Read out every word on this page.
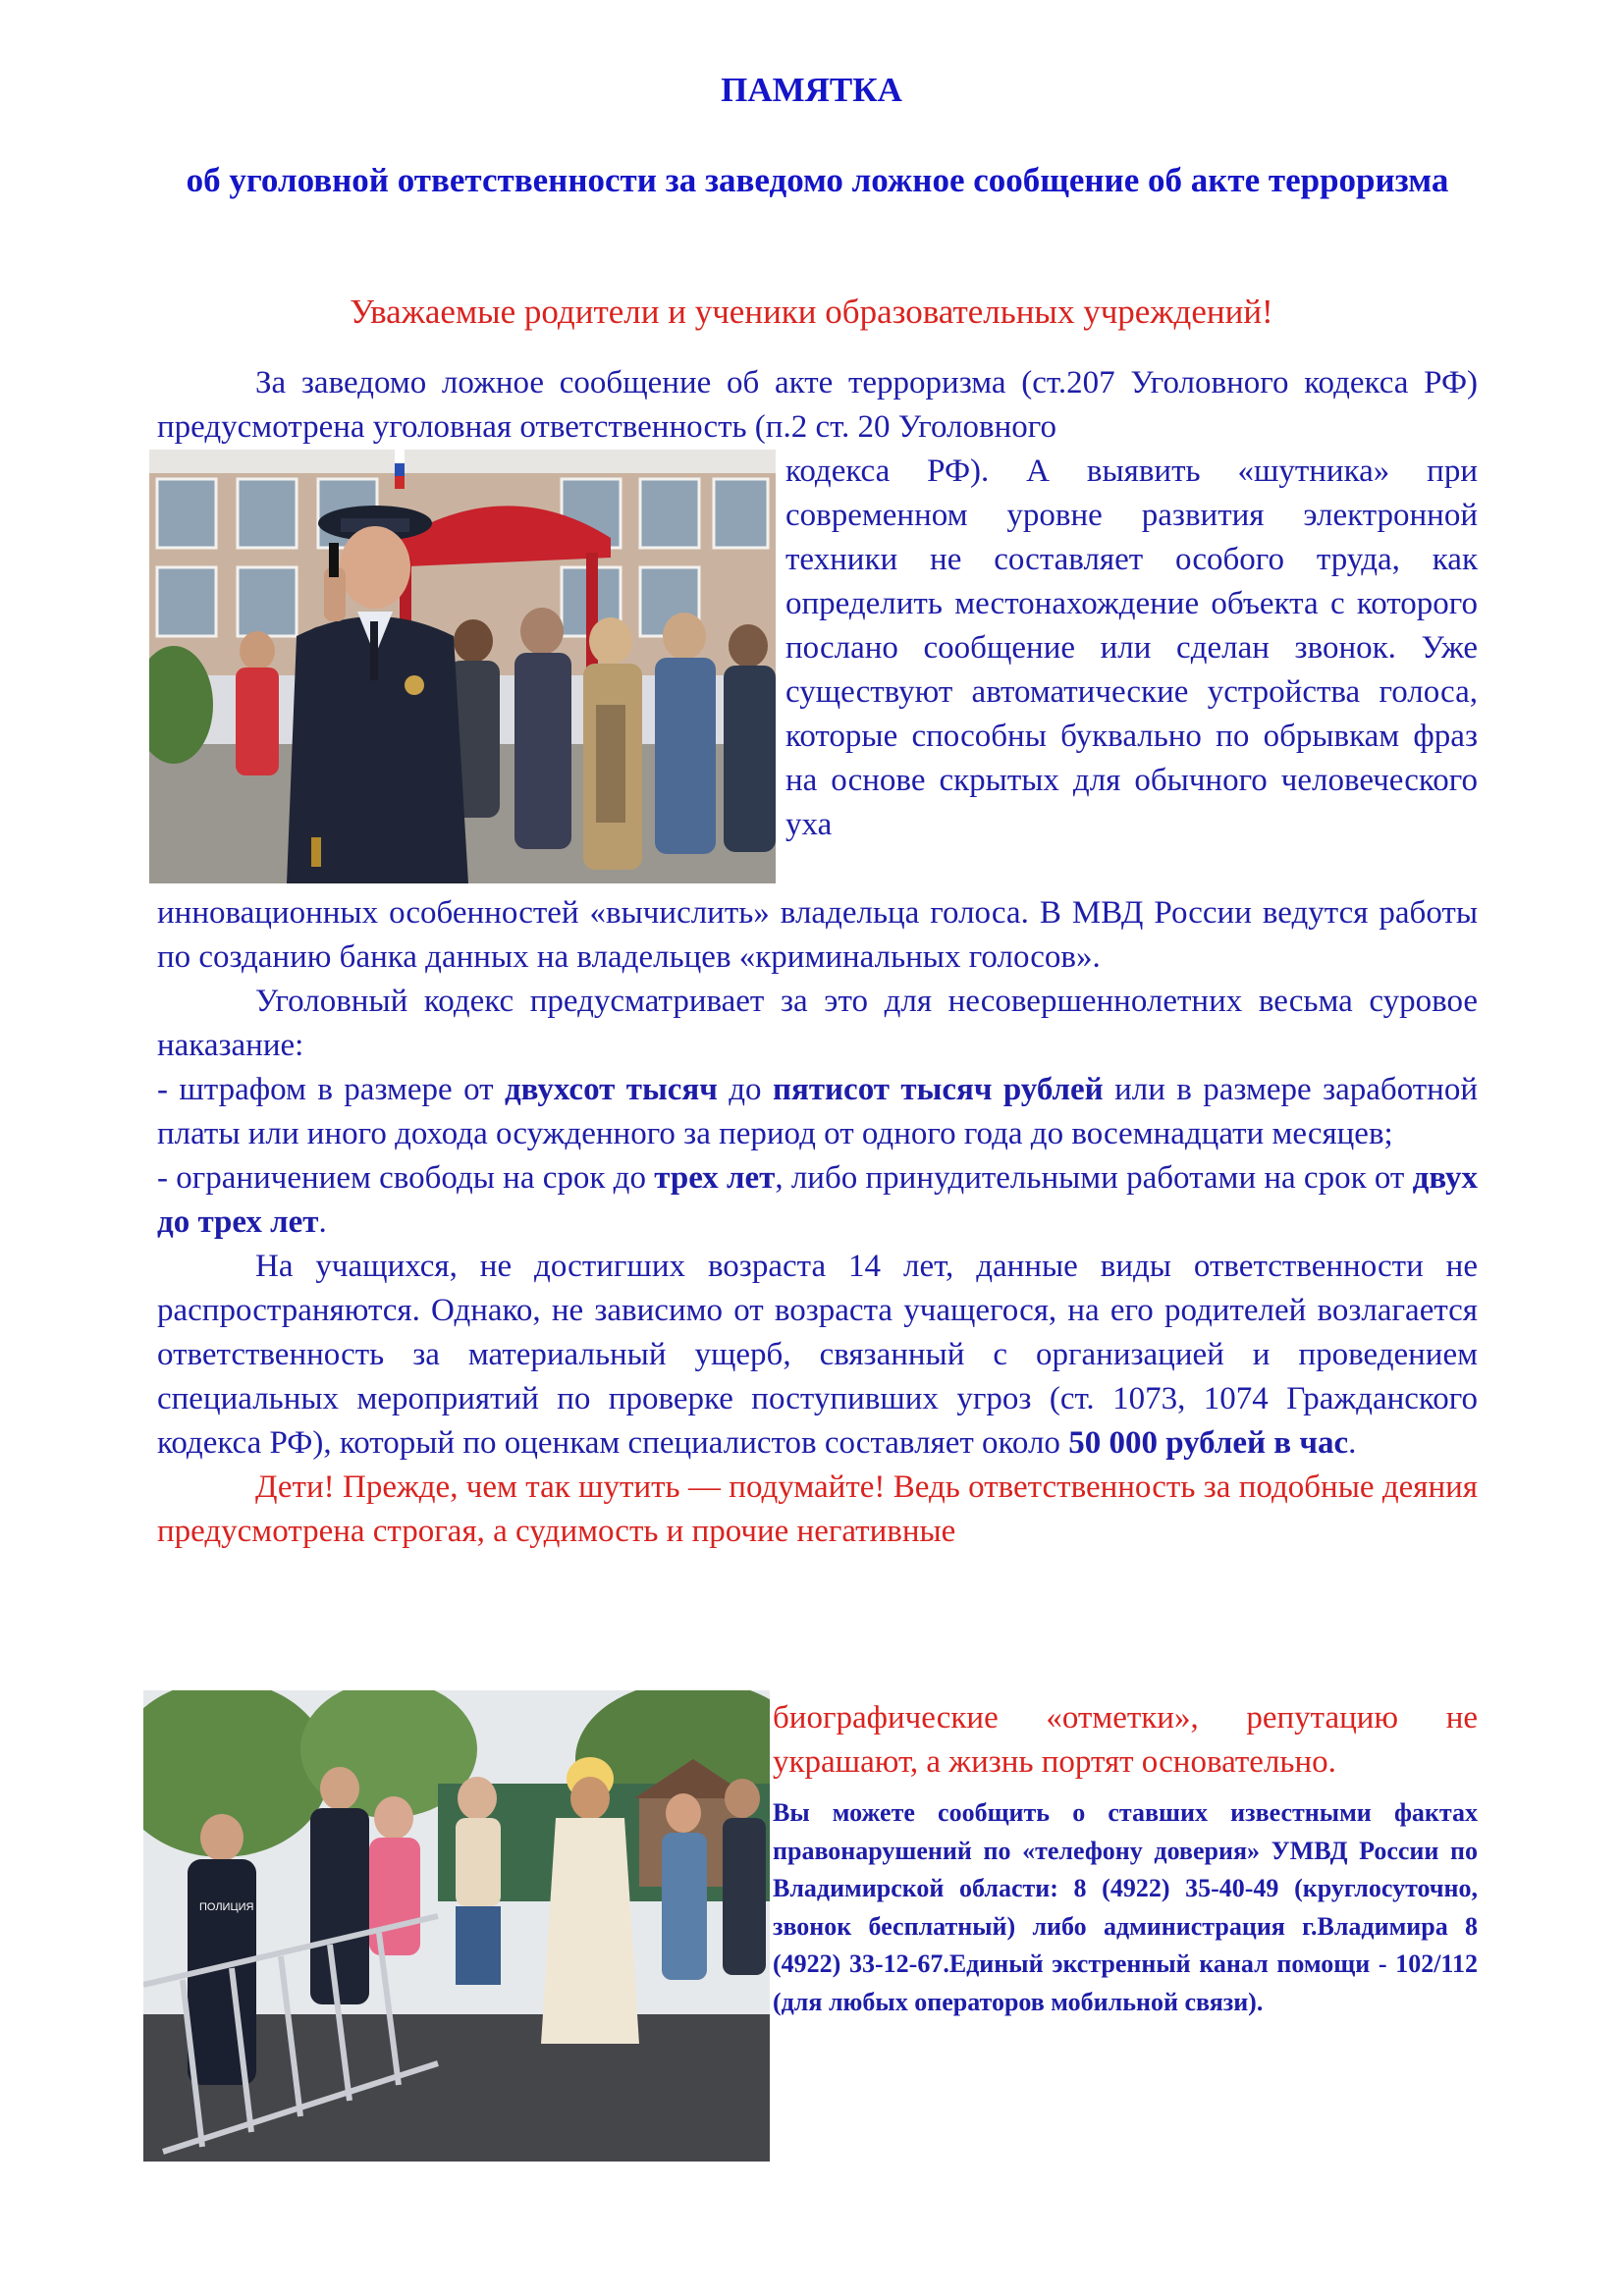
ПАМЯТКА
об уголовной ответственности за заведомо ложное сообщение об акте терроризма
Уважаемые родители и ученики образовательных учреждений!

За заведомо ложное сообщение об акте терроризма (ст.207 Уголовного кодекса РФ) предусмотрена уголовная ответственность (п.2 ст. 20 Уголовного

кодекса РФ). А выявить «шутника» при современном уровне развития электронной техники не составляет особого труда, как определить местонахождение объекта с которого послано сообщение или сделан звонок. Уже существуют автоматические устройства голоса, которые способны буквально по обрывкам фраз на основе скрытых для обычного человеческого уха

инновационных особенностей «вычислить» владельца голоса. В МВД России ведутся работы по созданию банка данных на владельцев «криминальных голосов».

Уголовный кодекс предусматривает за это для несовершеннолетних весьма суровое наказание:

- штрафом в размере от двухсот тысяч до пятисот тысяч рублей или в размере заработной платы или иного дохода осужденного за период от одного года до восемнадцати месяцев;

- ограничением свободы на срок до трех лет, либо принудительными работами на срок от двух до трех лет.

На учащихся, не достигших возраста 14 лет, данные виды ответственности не распространяются. Однако, не зависимо от возраста учащегося, на его родителей возлагается ответственность за материальный ущерб, связанный с организацией и проведением специальных мероприятий по проверке поступивших угроз (ст. 1073, 1074 Гражданского кодекса РФ), который по оценкам специалистов составляет около 50 000 рублей в час.

Дети! Прежде, чем так шутить — подумайте! Ведь ответственность за подобные деяния предусмотрена строгая, а судимость и прочие негативные

ПОЛИЦИЯ

биографические «отметки», репутацию не украшают, а жизнь портят основательно.

Вы можете сообщить о ставших известными фактах правонарушений по «телефону доверия» УМВД России по Владимирской области: 8 (4922) 35-40-49 (круглосуточно, звонок бесплатный) либо администрация г.Владимира 8 (4922) 33-12-67.Единый экстренный канал помощи - 102/112 (для любых операторов мобильной связи).
